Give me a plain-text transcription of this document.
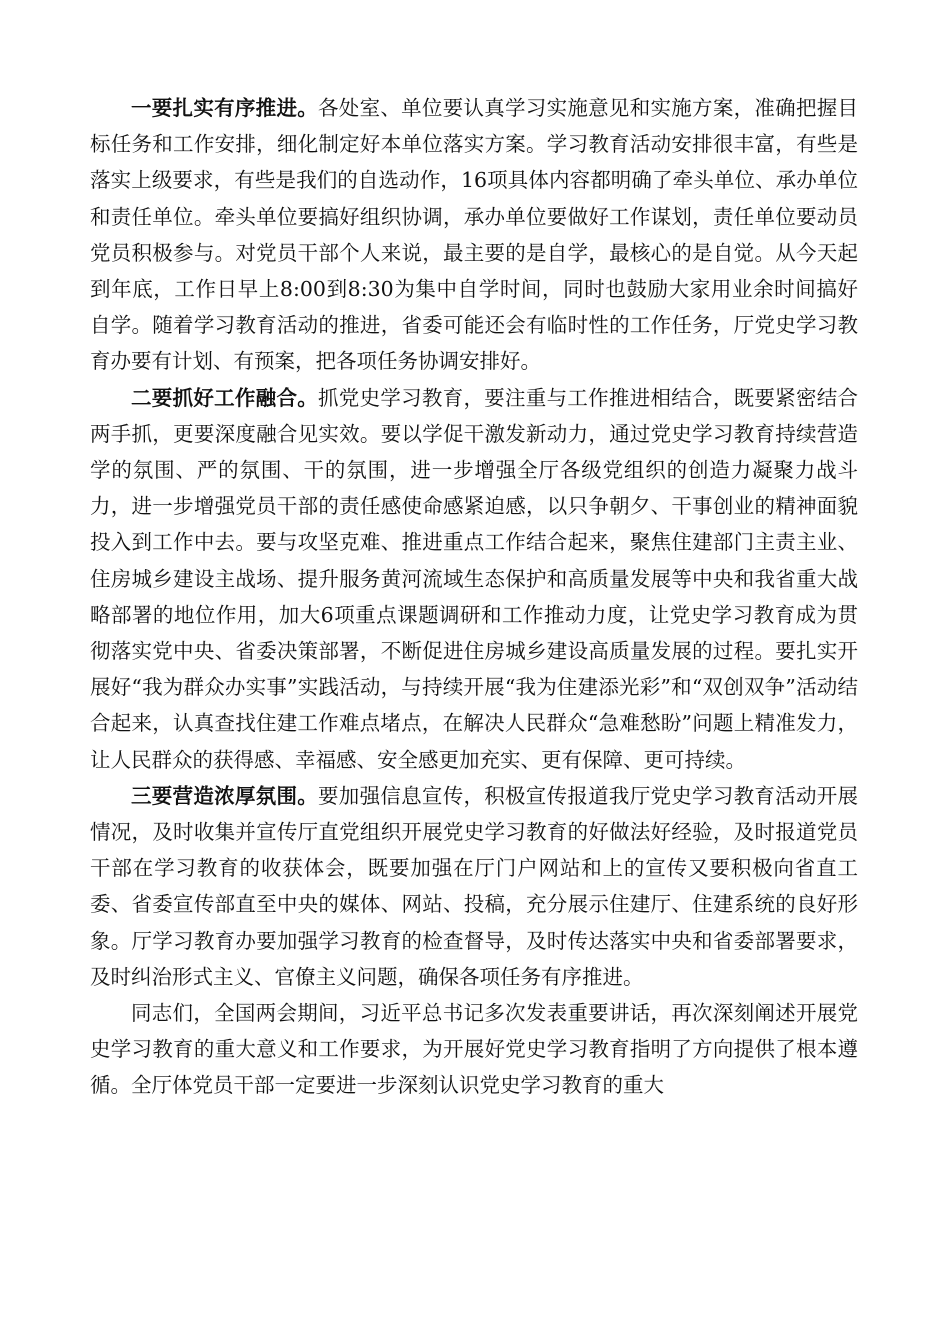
一要扎实有序推进。各处室、单位要认真学习实施意见和实施方案，准确把握目标任务和工作安排，细化制定好本单位落实方案。学习教育活动安排很丰富，有些是落实上级要求，有些是我们的自选动作，16项具体内容都明确了牵头单位、承办单位和责任单位。牵头单位要搞好组织协调，承办单位要做好工作谋划，责任单位要动员党员积极参与。对党员干部个人来说，最主要的是自学，最核心的是自觉。从今天起到年底，工作日早上8:00到8:30为集中自学时间，同时也鼓励大家用业余时间搞好自学。随着学习教育活动的推进，省委可能还会有临时性的工作任务，厅党史学习教育办要有计划、有预案，把各项任务协调安排好。

二要抓好工作融合。抓党史学习教育，要注重与工作推进相结合，既要紧密结合两手抓，更要深度融合见实效。要以学促干激发新动力，通过党史学习教育持续营造学的氛围、严的氛围、干的氛围，进一步增强全厅各级党组织的创造力凝聚力战斗力，进一步增强党员干部的责任感使命感紧迫感，以只争朝夕、干事创业的精神面貌投入到工作中去。要与攻坚克难、推进重点工作结合起来，聚焦住建部门主责主业、住房城乡建设主战场、提升服务黄河流域生态保护和高质量发展等中央和我省重大战略部署的地位作用，加大6项重点课题调研和工作推动力度，让党史学习教育成为贯彻落实党中央、省委决策部署，不断促进住房城乡建设高质量发展的过程。要扎实开展好“我为群众办实事”实践活动，与持续开展“我为住建添光彩”和“双创双争”活动结合起来，认真查找住建工作难点堵点，在解决人民群众“急难愁盼”问题上精准发力，让人民群众的获得感、幸福感、安全感更加充实、更有保障、更可持续。

三要营造浓厚氛围。要加强信息宣传，积极宣传报道我厅党史学习教育活动开展情况，及时收集并宣传厅直党组织开展党史学习教育的好做法好经验，及时报道党员干部在学习教育的收获体会，既要加强在厅门户网站和上的宣传又要积极向省直工委、省委宣传部直至中央的媒体、网站、投稿，充分展示住建厅、住建系统的良好形象。厅学习教育办要加强学习教育的检查督导，及时传达落实中央和省委部署要求，及时纠治形式主义、官僚主义问题，确保各项任务有序推进。

同志们，全国两会期间，习近平总书记多次发表重要讲话，再次深刻阐述开展党史学习教育的重大意义和工作要求，为开展好党史学习教育指明了方向提供了根本遵循。全厅体党员干部一定要进一步深刻认识党史学习教育的重大
